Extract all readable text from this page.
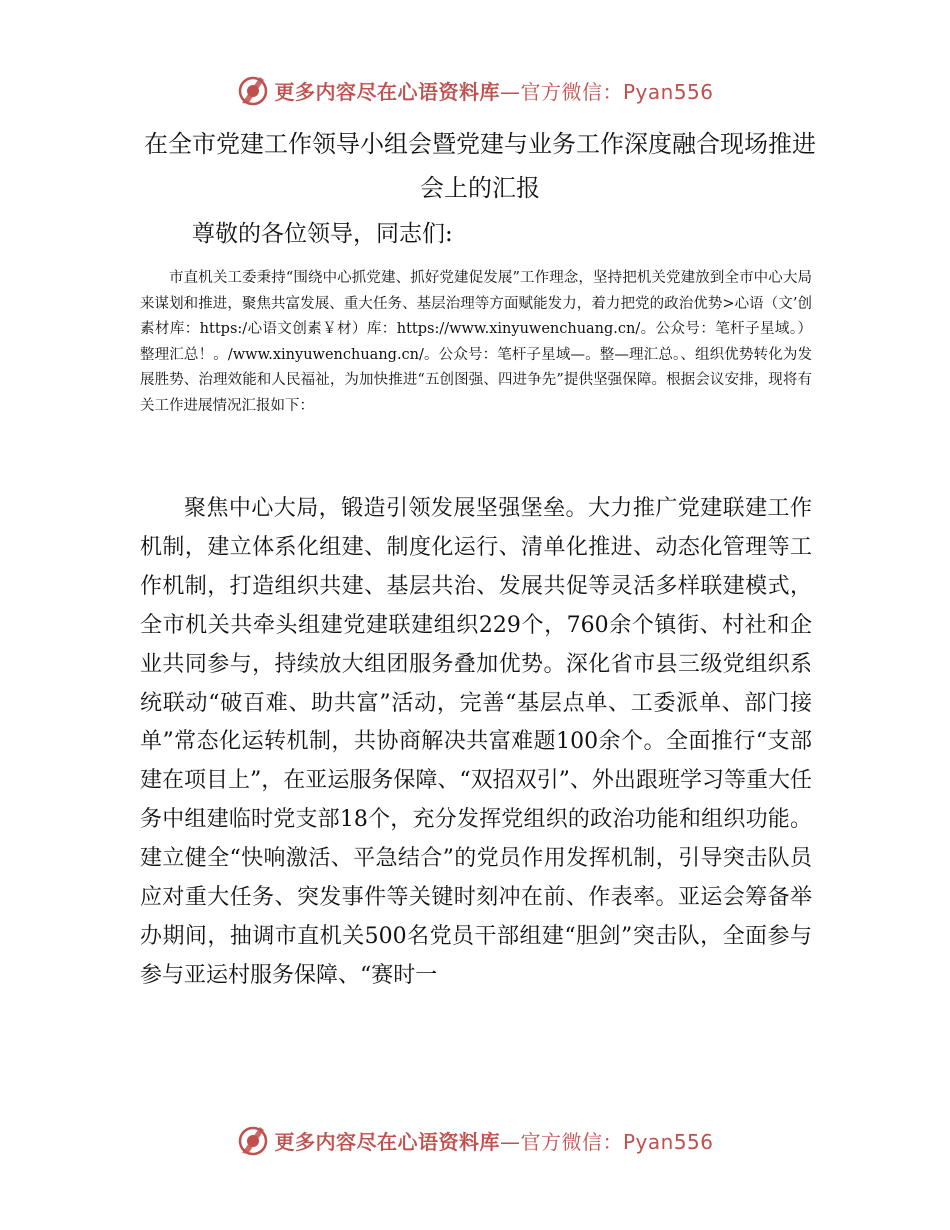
更多内容尽在心语资料库—官方微信：Pyan556
在全市党建工作领导小组会暨党建与业务工作深度融合现场推进会上的汇报

尊敬的各位领导，同志们:

市直机关工委秉持“围绕中心抓党建、抓好党建促发展”工作理念，坚持把机关党建放到全市中心大局来谋划和推进，聚焦共富发展、重大任务、基层治理等方面赋能发力，着力把党的政治优势>心语（文’创素材库：https:/心语文创素￥材）库：https://www.xinyuwenchuang.cn/。公众号：笔杆子星域。）整理汇总！。/www.xinyuwenchuang.cn/。公众号：笔杆子星域—。整—理汇总。、组织优势转化为发展胜势、治理效能和人民福祉，为加快推进“五创图强、四进争先”提供坚强保障。根据会议安排，现将有关工作进展情况汇报如下：

聚焦中心大局，锻造引领发展坚强堡垒。大力推广党建联建工作机制，建立体系化组建、制度化运行、清单化推进、动态化管理等工作机制，打造组织共建、基层共治、发展共促等灵活多样联建模式，全市机关共牵头组建党建联建组织229个，760余个镇街、村社和企业共同参与，持续放大组团服务叠加优势。深化省市县三级党组织系统联动“破百难、助共富”活动，完善“基层点单、工委派单、部门接单”常态化运转机制，共协商解决共富难题100余个。全面推行“支部建在项目上”，在亚运服务保障、“双招双引”、外出跟班学习等重大任务中组建临时党支部18个，充分发挥党组织的政治功能和组织功能。建立健全“快响激活、平急结合”的党员作用发挥机制，引导突击队员应对重大任务、突发事件等关键时刻冲在前、作表率。亚运会筹备举办期间，抽调市直机关500名党员干部组建“胆剑”突击队，全面参与参与亚运村服务保障、“赛时一

更多内容尽在心语资料库—官方微信：Pyan556
